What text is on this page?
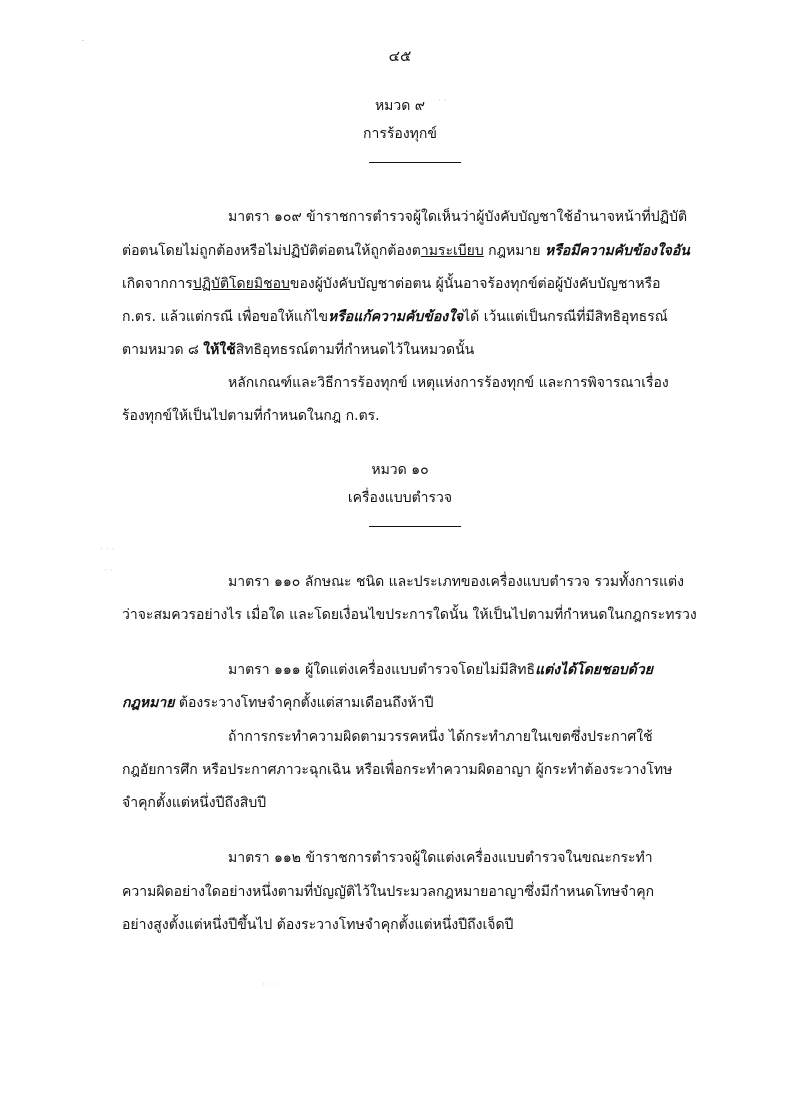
๔๕
หมวด ๙
การร้องทุกข์
มาตรา ๑๐๙ ข้าราชการตำรวจผู้ใดเห็นว่าผู้บังคับบัญชาใช้อำนาจหน้าที่ปฏิบัติ
ต่อตนโดยไม่ถูกต้องหรือไม่ปฏิบัติต่อตนให้ถูกต้องตามระเบียบ กฎหมาย หรือมีความคับข้องใจอัน
เกิดจากการปฏิบัติโดยมิชอบของผู้บังคับบัญชาต่อตน ผู้นั้นอาจร้องทุกข์ต่อผู้บังคับบัญชาหรือ
ก.ตร. แล้วแต่กรณี เพื่อขอให้แก้ไขหรือแก้ความคับข้องใจได้ เว้นแต่เป็นกรณีที่มีสิทธิอุทธรณ์
ตามหมวด ๘ ให้ใช้สิทธิอุทธรณ์ตามที่กำหนดไว้ในหมวดนั้น
หลักเกณฑ์และวิธีการร้องทุกข์ เหตุแห่งการร้องทุกข์ และการพิจารณาเรื่อง
ร้องทุกข์ให้เป็นไปตามที่กำหนดในกฎ ก.ตร.
หมวด ๑๐
เครื่องแบบตำรวจ
มาตรา ๑๑๐ ลักษณะ ชนิด และประเภทของเครื่องแบบตำรวจ รวมทั้งการแต่ง
ว่าจะสมควรอย่างไร เมื่อใด และโดยเงื่อนไขประการใดนั้น ให้เป็นไปตามที่กำหนดในกฎกระทรวง
มาตรา ๑๑๑ ผู้ใดแต่งเครื่องแบบตำรวจโดยไม่มีสิทธิแต่งได้โดยชอบด้วย
กฎหมาย ต้องระวางโทษจำคุกตั้งแต่สามเดือนถึงห้าปี
ถ้าการกระทำความผิดตามวรรคหนึ่ง ได้กระทำภายในเขตซึ่งประกาศใช้
กฎอัยการศึก หรือประกาศภาวะฉุกเฉิน หรือเพื่อกระทำความผิดอาญา ผู้กระทำต้องระวางโทษ
จำคุกตั้งแต่หนึ่งปีถึงสิบปี
มาตรา ๑๑๒ ข้าราชการตำรวจผู้ใดแต่งเครื่องแบบตำรวจในขณะกระทำ
ความผิดอย่างใดอย่างหนึ่งตามที่บัญญัติไว้ในประมวลกฎหมายอาญาซึ่งมีกำหนดโทษจำคุก
อย่างสูงตั้งแต่หนึ่งปีขึ้นไป ต้องระวางโทษจำคุกตั้งแต่หนึ่งปีถึงเจ็ดปี
·
· ·
· · ·
· ·
· · ·
